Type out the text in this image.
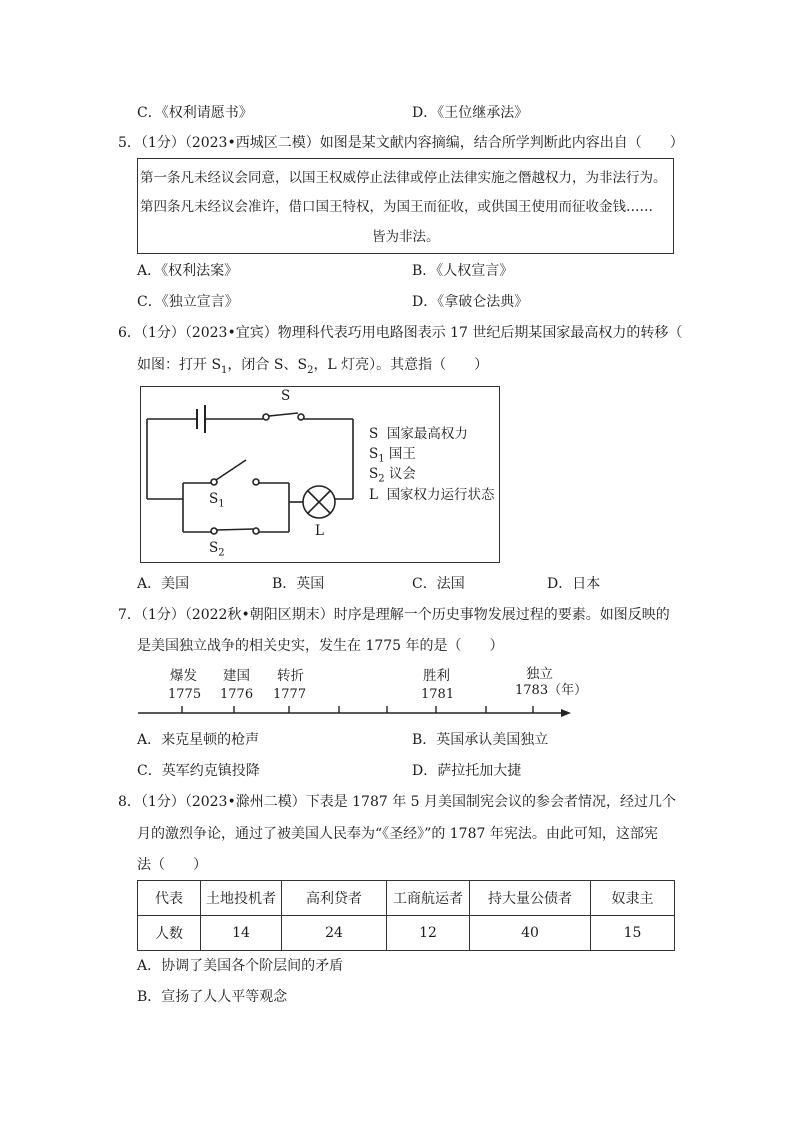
C．《权利请愿书》	D．《王位继承法》
5．（1分）（2023•西城区二模）如图是某文献内容摘编，结合所学判断此内容出自（　　）
第一条凡未经议会同意，以国王权威停止法律或停止法律实施之僭越权力，为非法行为。
第四条凡未经议会准许，借口国王特权，为国王而征收，或供国王使用而征收金钱……
皆为非法。
A．《权利法案》	B．《人权宣言》
C．《独立宣言》	D．《拿破仑法典》
6．（1分）（2023•宜宾）物理科代表巧用电路图表示 17 世纪后期某国家最高权力的转移（
如图：打开 $S_1$，闭合 S、$S_2$，L 灯亮）。其意指（　　）
S
$S_1$
$S_2$
L
S 国家最高权力
$S_1$ 国王
$S_2$ 议会
L 国家权力运行状态
A．美国	B．英国	C．法国	D．日本
7．（1分）（2022秋•朝阳区期末）时序是理解一个历史事物发展过程的要素。如图反映的
是美国独立战争的相关史实，发生在 1775 年的是（　　）
爆发
1775
建国
1776
转折
1777
胜利
1781
独立
1783（年）
A．来克星顿的枪声	B．英国承认美国独立
C．英军约克镇投降	D．萨拉托加大捷
8．（1分）（2023•滁州二模）下表是 1787 年 5 月美国制宪会议的参会者情况，经过几个
月的激烈争论，通过了被美国人民奉为“《圣经》”的 1787 年宪法。由此可知，这部宪
法（　　）
代表	土地投机者	高利贷者	工商航运者	持大量公债者	奴隶主
人数	14	24	12	40	15
A．协调了美国各个阶层间的矛盾
B．宣扬了人人平等观念
